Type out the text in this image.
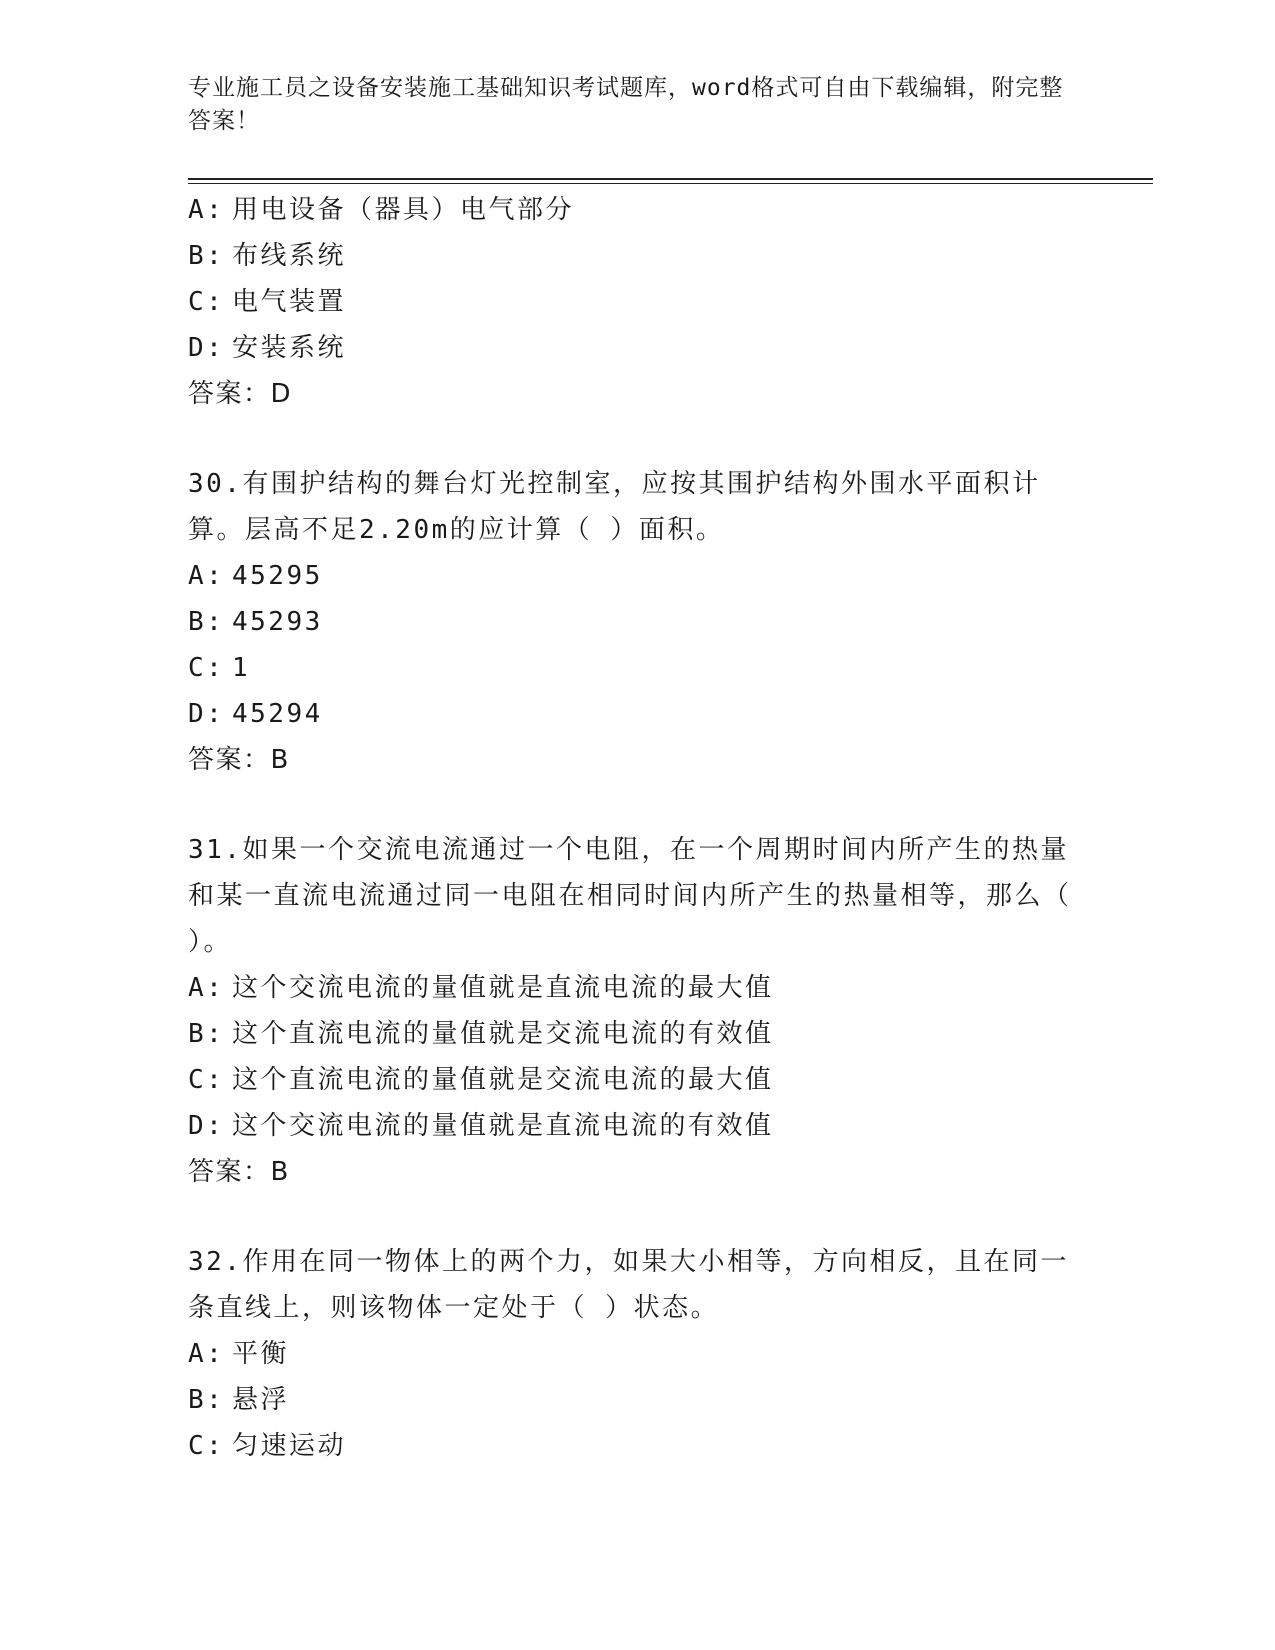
专业施工员之设备安装施工基础知识考试题库，word格式可自由下载编辑，附完整答案！
A: 用电设备（器具）电气部分
B: 布线系统
C: 电气装置
D: 安装系统
答案：D
30.有围护结构的舞台灯光控制室，应按其围护结构外围水平面积计算。层高不足2.20m的应计算（ ）面积。
A: 45295
B: 45293
C: 1
D: 45294
答案：B
31.如果一个交流电流通过一个电阻，在一个周期时间内所产生的热量和某一直流电流通过同一电阻在相同时间内所产生的热量相等，那么（ ）。
A: 这个交流电流的量值就是直流电流的最大值
B: 这个直流电流的量值就是交流电流的有效值
C: 这个直流电流的量值就是交流电流的最大值
D: 这个交流电流的量值就是直流电流的有效值
答案：B
32.作用在同一物体上的两个力，如果大小相等，方向相反，且在同一条直线上，则该物体一定处于（ ）状态。
A: 平衡
B: 悬浮
C: 匀速运动
